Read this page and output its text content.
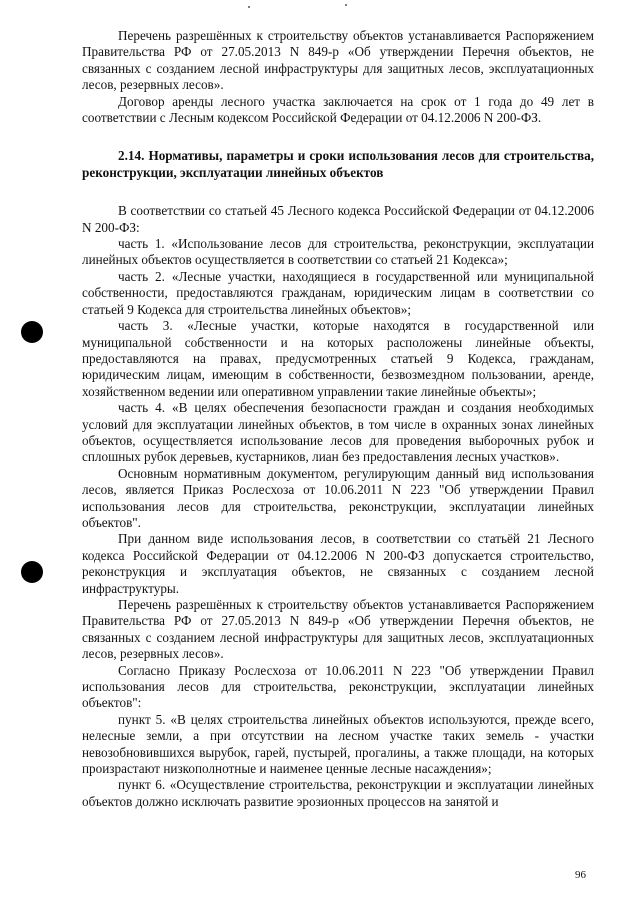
Перечень разрешённых к строительству объектов устанавливается Распоряжением Правительства РФ от 27.05.2013 N 849-р «Об утверждении Перечня объектов, не связанных с созданием лесной инфраструктуры для защитных лесов, эксплуатационных лесов, резервных лесов».

Договор аренды лесного участка заключается на срок от 1 года до 49 лет в соответствии с Лесным кодексом Российской Федерации от 04.12.2006 N 200-ФЗ.

2.14. Нормативы, параметры и сроки использования лесов для строительства, реконструкции, эксплуатации линейных объектов

В соответствии со статьей 45 Лесного кодекса Российской Федерации от 04.12.2006 N 200-ФЗ:

часть 1. «Использование лесов для строительства, реконструкции, эксплуатации линейных объектов осуществляется в соответствии со статьей 21 Кодекса»;

часть 2. «Лесные участки, находящиеся в государственной или муниципальной собственности, предоставляются гражданам, юридическим лицам в соответствии со статьей 9 Кодекса для строительства линейных объектов»;

часть 3. «Лесные участки, которые находятся в государственной или муниципальной собственности и на которых расположены линейные объекты, предоставляются на правах, предусмотренных статьей 9 Кодекса, гражданам, юридическим лицам, имеющим в собственности, безвозмездном пользовании, аренде, хозяйственном ведении или оперативном управлении такие линейные объекты»;

часть 4. «В целях обеспечения безопасности граждан и создания необходимых условий для эксплуатации линейных объектов, в том числе в охранных зонах линейных объектов, осуществляется использование лесов для проведения выборочных рубок и сплошных рубок деревьев, кустарников, лиан без предоставления лесных участков».

Основным нормативным документом, регулирующим данный вид использования лесов, является Приказ Рослесхоза от 10.06.2011 N 223 "Об утверждении Правил использования лесов для строительства, реконструкции, эксплуатации линейных объектов".

При данном виде использования лесов, в соответствии со статьёй 21 Лесного кодекса Российской Федерации от 04.12.2006 N 200-ФЗ допускается строительство, реконструкция и эксплуатация объектов, не связанных с созданием лесной инфраструктуры.

Перечень разрешённых к строительству объектов устанавливается Распоряжением Правительства РФ от 27.05.2013 N 849-р «Об утверждении Перечня объектов, не связанных с созданием лесной инфраструктуры для защитных лесов, эксплуатационных лесов, резервных лесов».

Согласно Приказу Рослесхоза от 10.06.2011 N 223 "Об утверждении Правил использования лесов для строительства, реконструкции, эксплуатации линейных объектов":

пункт 5. «В целях строительства линейных объектов используются, прежде всего, нелесные земли, а при отсутствии на лесном участке таких земель - участки невозобновившихся вырубок, гарей, пустырей, прогалины, а также площади, на которых произрастают низкополнотные и наименее ценные лесные насаждения»;

пункт 6. «Осуществление строительства, реконструкции и эксплуатации линейных объектов должно исключать развитие эрозионных процессов на занятой и

96
